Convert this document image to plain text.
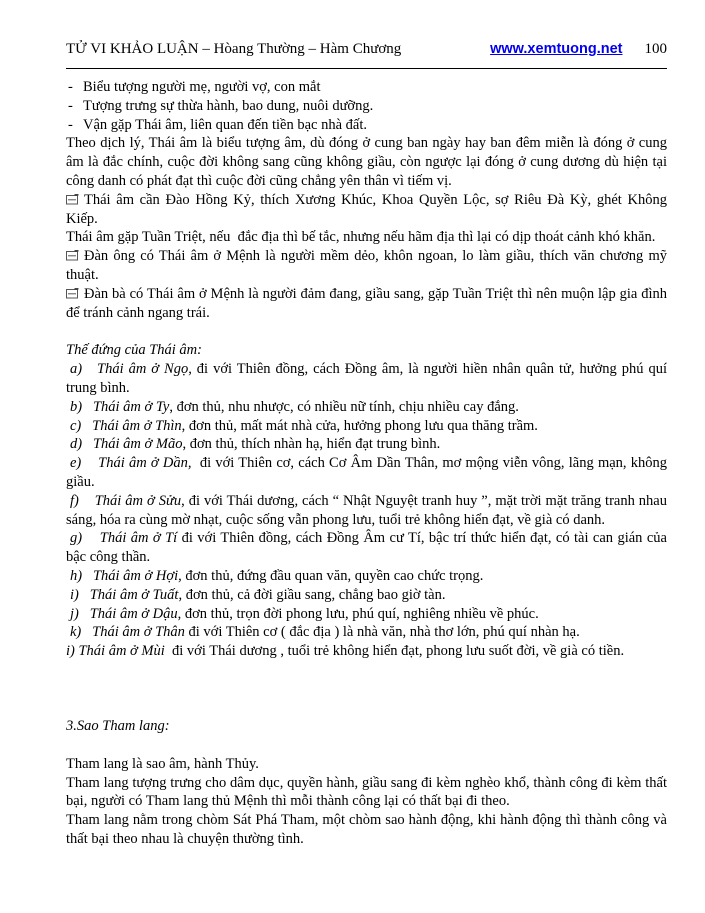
TỬ VI KHẢO LUẬN – Hòang Thường – Hàm Chương	www.xemtuong.net 100

- Biểu tượng người mẹ, người vợ, con mắt

- Tượng trưng sự thừa hành, bao dung, nuôi dưỡng.

- Vận gặp Thái âm, liên quan đến tiền bạc nhà đất.

Theo dịch lý, Thái âm là biểu tượng âm, dù đóng ở cung ban ngày hay ban đêm miễn là đóng ở cung âm là đắc chính, cuộc đời không sang cũng không giầu, còn ngược lại đóng ở cung dương dù hiện tại công danh có phát đạt thì cuộc đời cũng chẳng yên thân vì tiếm vị.

Thái âm cần Đào Hồng Kỷ, thích Xương Khúc, Khoa Quyền Lộc, sợ Riêu Đà Kỳ, ghét Không Kiếp.

Thái âm gặp Tuần Triệt, nếu  đắc địa thì bế tắc, nhưng nếu hãm địa thì lại có dịp thoát cảnh khó khăn.

Đàn ông có Thái âm ở Mệnh là người mềm dẻo, khôn ngoan, lo làm giầu, thích văn chương mỹ thuật.

Đàn bà có Thái âm ở Mệnh là người đảm đang, giầu sang, gặp Tuần Triệt thì nên muộn lập gia đình để tránh cảnh ngang trái.

Thế đứng của Thái âm:

a)   Thái âm ở Ngọ, đi với Thiên đồng, cách Đồng âm, là người hiền nhân quân tử, hưởng phú quí trung bình.

b)   Thái âm ở Ty, đơn thủ, nhu nhược, có nhiều nữ tính, chịu nhiều cay đắng.

c)   Thái âm ở Thìn, đơn thủ, mất mát nhà cửa, hưởng phong lưu qua thăng trầm.

d)   Thái âm ở Mão, đơn thủ, thích nhàn hạ, hiển đạt trung bình.

e)    Thái âm ở Dần,  đi với Thiên cơ, cách Cơ Âm Dần Thân, mơ mộng viễn vông, lãng mạn, không giầu.

f)    Thái âm ở Sửu, đi với Thái dương, cách “ Nhật Nguyệt tranh huy ”, mặt trời mặt trăng tranh nhau sáng, hóa ra cùng mờ nhạt, cuộc sống vẫn phong lưu, tuổi trẻ không hiển đạt, về già có danh.

g)    Thái âm ở Tí đi với Thiên đồng, cách Đồng Âm cư Tí, bậc trí thức hiển đạt, có tài can gián của bậc công thần.

h)   Thái âm ở Hợi, đơn thủ, đứng đầu quan văn, quyền cao chức trọng.

i)   Thái âm ở Tuất, đơn thủ, cả đời giầu sang, chẳng bao giờ tàn.

j)   Thái âm ở Dậu, đơn thủ, trọn đời phong lưu, phú quí, nghiêng nhiều về phúc.

k)   Thái âm ở Thân đi với Thiên cơ ( đắc địa ) là nhà văn, nhà thơ lớn, phú quí nhàn hạ.

i) Thái âm ở Mùi  đi với Thái dương , tuổi trẻ không hiển đạt, phong lưu suốt đời, về già có tiền.

3.Sao Tham lang:

Tham lang là sao âm, hành Thủy.

Tham lang tượng trưng cho dâm dục, quyền hành, giầu sang đi kèm nghèo khổ, thành công đi kèm thất bại, người có Tham lang thủ Mệnh thì mỗi thành công lại có thất bại đi theo.

Tham lang nằm trong chòm Sát Phá Tham, một chòm sao hành động, khi hành động thì thành công và thất bại theo nhau là chuyện thường tình.
